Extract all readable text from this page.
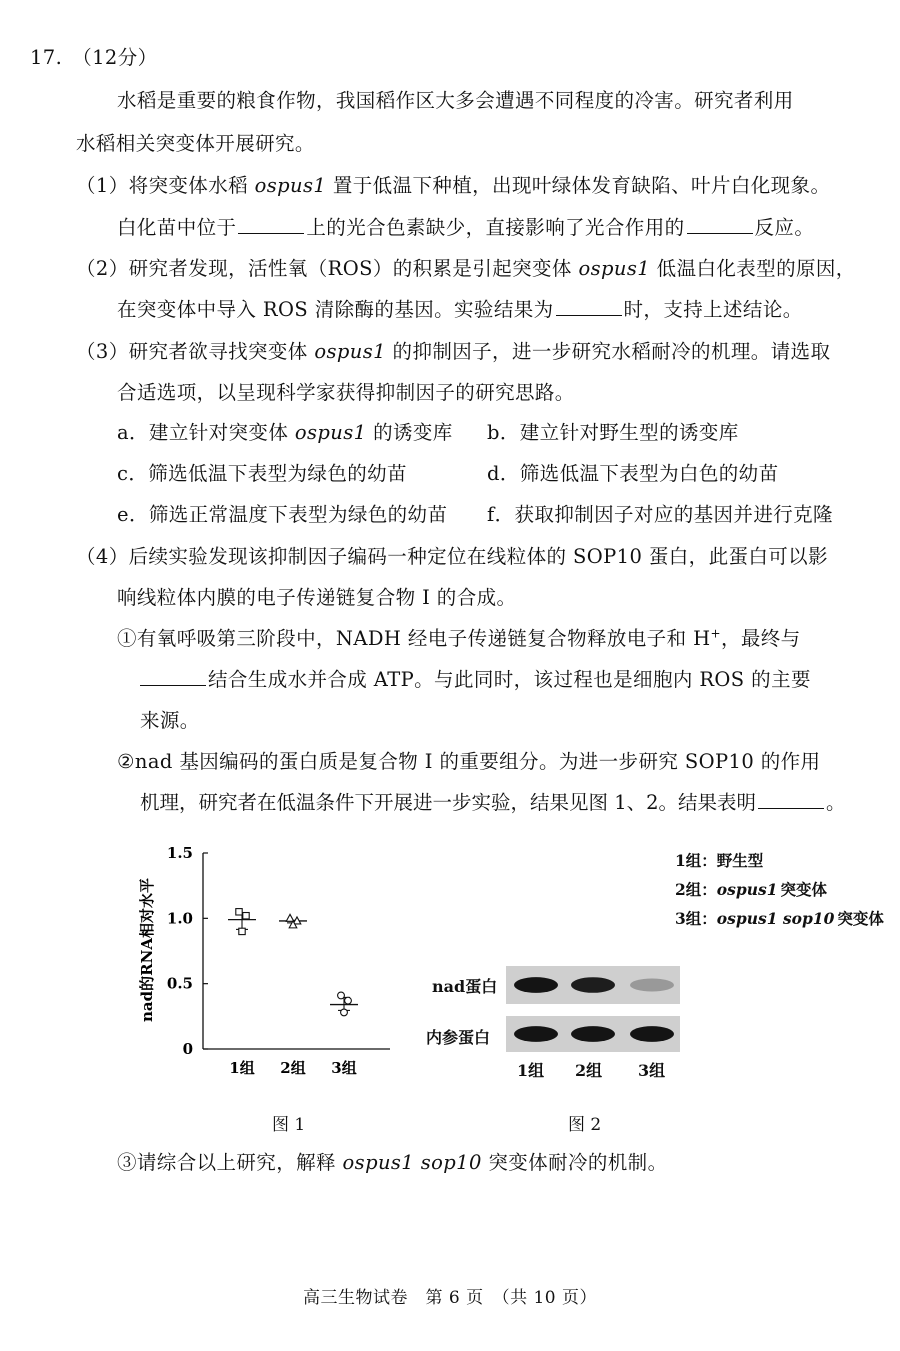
17. （12分）
水稻是重要的粮食作物，我国稻作区大多会遭遇不同程度的冷害。研究者利用
水稻相关突变体开展研究。
（1）将突变体水稻 ospus1 置于低温下种植，出现叶绿体发育缺陷、叶片白化现象。
白化苗中位于	上的光合色素缺少，直接影响了光合作用的	反应。
（2）研究者发现，活性氧（ROS）的积累是引起突变体 ospus1 低温白化表型的原因，
在突变体中导入 ROS 清除酶的基因。实验结果为	时，支持上述结论。
（3）研究者欲寻找突变体 ospus1 的抑制因子，进一步研究水稻耐冷的机理。请选取
合适选项，以呈现科学家获得抑制因子的研究思路。
a．建立针对突变体 ospus1 的诱变库 b．建立针对野生型的诱变库
c．筛选低温下表型为绿色的幼苗	d．筛选低温下表型为白色的幼苗
e．筛选正常温度下表型为绿色的幼苗 f．获取抑制因子对应的基因并进行克隆
（4）后续实验发现该抑制因子编码一种定位在线粒体的 SOP10 蛋白，此蛋白可以影
响线粒体内膜的电子传递链复合物 I 的合成。
①有氧呼吸第三阶段中，NADH 经电子传递链复合物释放电子和 H+，最终与
结合生成水并合成 ATP。与此同时，该过程也是细胞内 ROS 的主要
来源。
②nad 基因编码的蛋白质是复合物 I 的重要组分。为进一步研究 SOP10 的作用
机理，研究者在低温条件下开展进一步实验，结果见图 1、2。结果表明	。
nad的RNA相对水平
0
0.5
1.0
1.5
1组 2组 3组
1组：野生型
2组：ospus1 突变体
3组：ospus1 sop10 突变体
nad蛋白
内参蛋白
1组 2组 3组
图 1	图 2
③请综合以上研究，解释 ospus1 sop10 突变体耐冷的机制。
高三生物试卷　第 6 页　（共 10 页）
